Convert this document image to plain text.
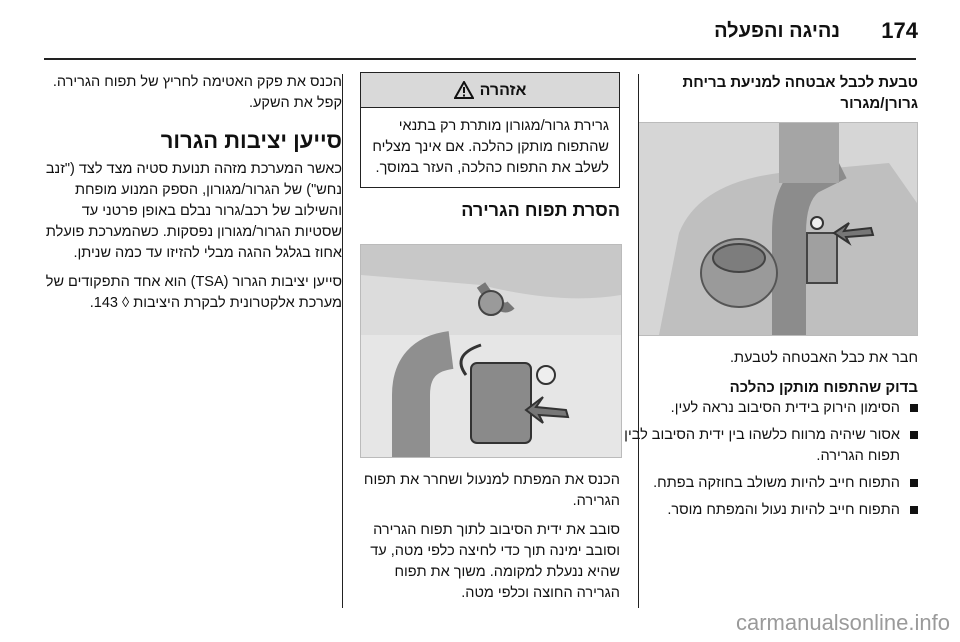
174
נהיגה והפעלה
טבעת לכבל אבטחה למניעת בריחת גרורן/מגרור

חבר את כבל האבטחה לטבעת.

בדוק שהתפוח מותקן כהלכה
הסימון הירוק בידית הסיבוב נראה לעין.
אסור שיהיה מרווח כלשהו בין ידית הסיבוב לבין תפוח הגרירה.
התפוח חייב להיות משולב בחוזקה בפתח.
התפוח חייב להיות נעול והמפתח מוסר.
אזהרה
גרירת גרור/מגורון מותרת רק בתנאי שהתפוח מותקן כהלכה. אם אינך מצליח לשלב את התפוח כהלכה, העזר במוסך.
הסרת תפוח הגרירה

הכנס את המפתח למנעול ושחרר את תפוח הגרירה.

סובב את ידית הסיבוב לתוך תפוח הגרירה וסובב ימינה תוך כדי לחיצה כלפי מטה, עד שהיא ננעלת למקומה. משוך את תפוח הגרירה החוצה וכלפי מטה.

הכנס את פקק האטימה לחריץ של תפוח הגרירה. קפל את השקע.

סייען יציבות הגרור

כאשר המערכת מזהה תנועת סטיה מצד לצד ("זנב נחש") של הגרור/מגורון, הספק המנוע מופחת והשילוב של רכב/גרור נבלם באופן פרטני עד שסטיות הגרור/מגורון נפסקות. כשהמערכת פועלת אחוז בגלגל ההגה מבלי להזיזו עד כמה שניתן.

סייען יציבות הגרור (TSA) הוא אחד התפקודים של מערכת אלקטרונית לבקרת היציבות ◊ 143.

carmanualsonline.info
